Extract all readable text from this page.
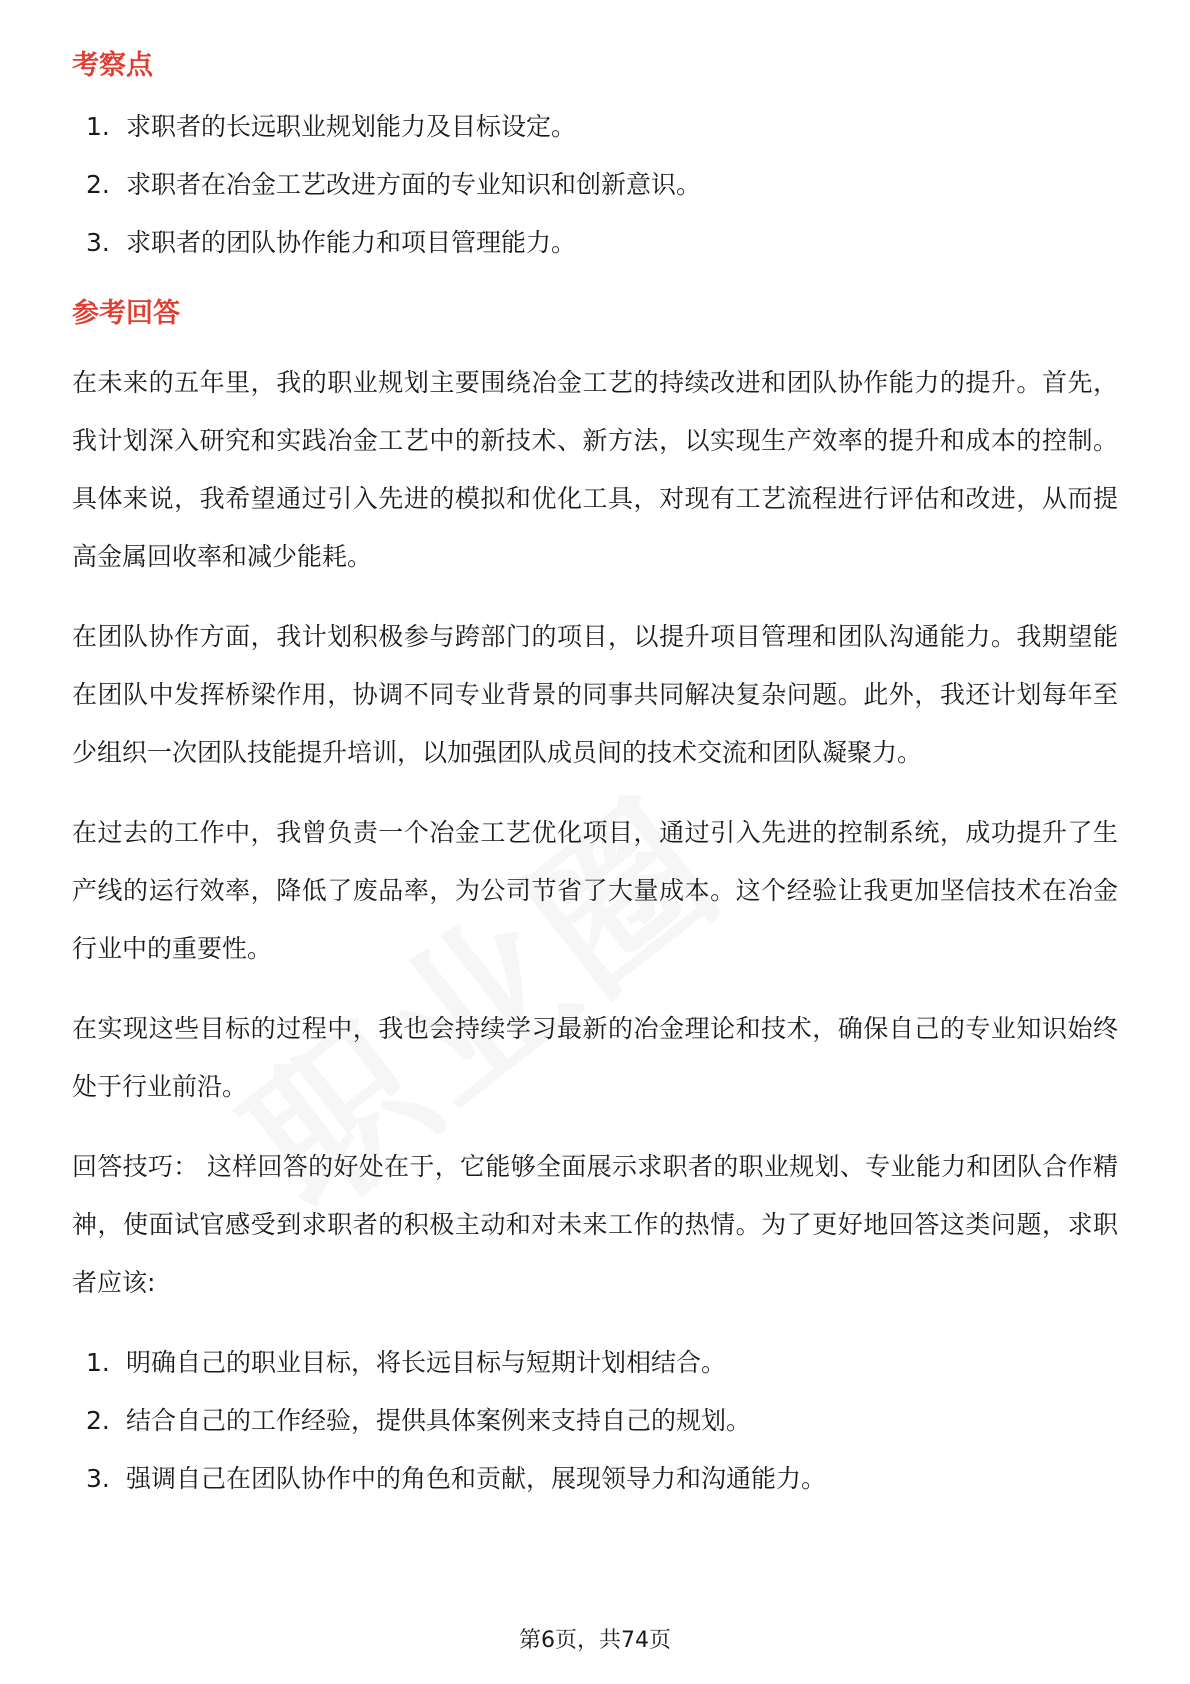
考察点
1. 求职者的长远职业规划能力及目标设定。
2. 求职者在冶金工艺改进方面的专业知识和创新意识。
3. 求职者的团队协作能力和项目管理能力。
参考回答

在未来的五年里，我的职业规划主要围绕冶金工艺的持续改进和团队协作能力的提升。首先，我计划深入研究和实践冶金工艺中的新技术、新方法，以实现生产效率的提升和成本的控制。具体来说，我希望通过引入先进的模拟和优化工具，对现有工艺流程进行评估和改进，从而提高金属回收率和减少能耗。

在团队协作方面，我计划积极参与跨部门的项目，以提升项目管理和团队沟通能力。我期望能在团队中发挥桥梁作用，协调不同专业背景的同事共同解决复杂问题。此外，我还计划每年至少组织一次团队技能提升培训，以加强团队成员间的技术交流和团队凝聚力。

在过去的工作中，我曾负责一个冶金工艺优化项目，通过引入先进的控制系统，成功提升了生产线的运行效率，降低了废品率，为公司节省了大量成本。这个经验让我更加坚信技术在冶金行业中的重要性。

在实现这些目标的过程中，我也会持续学习最新的冶金理论和技术，确保自己的专业知识始终处于行业前沿。

回答技巧： 这样回答的好处在于，它能够全面展示求职者的职业规划、专业能力和团队合作精神，使面试官感受到求职者的积极主动和对未来工作的热情。为了更好地回答这类问题，求职者应该:

1. 明确自己的职业目标，将长远目标与短期计划相结合。
2. 结合自己的工作经验，提供具体案例来支持自己的规划。
3. 强调自己在团队协作中的角色和贡献，展现领导力和沟通能力。
第6页，共74页
